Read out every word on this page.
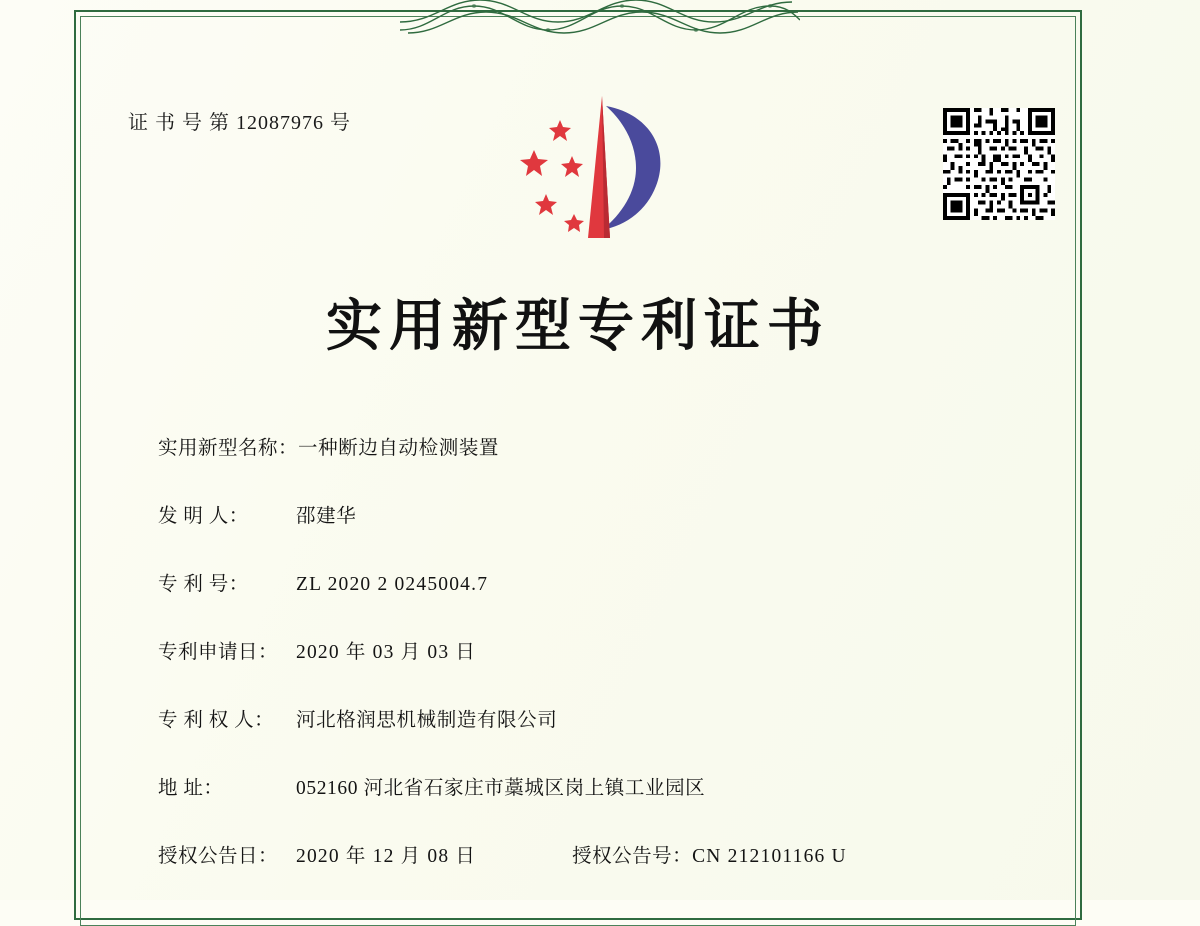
证 书 号 第 12087976 号
实用新型专利证书
实用新型名称： 一种断边自动检测装置
发 明 人：	邵建华
专 利 号：	ZL 2020 2 0245004.7
专利申请日： 2020 年 03 月 03 日
专 利 权 人：	河北格润思机械制造有限公司
地 址：	052160 河北省石家庄市藁城区岗上镇工业园区
授权公告日： 2020 年 12 月 08 日	授权公告号： CN 212101166 U
